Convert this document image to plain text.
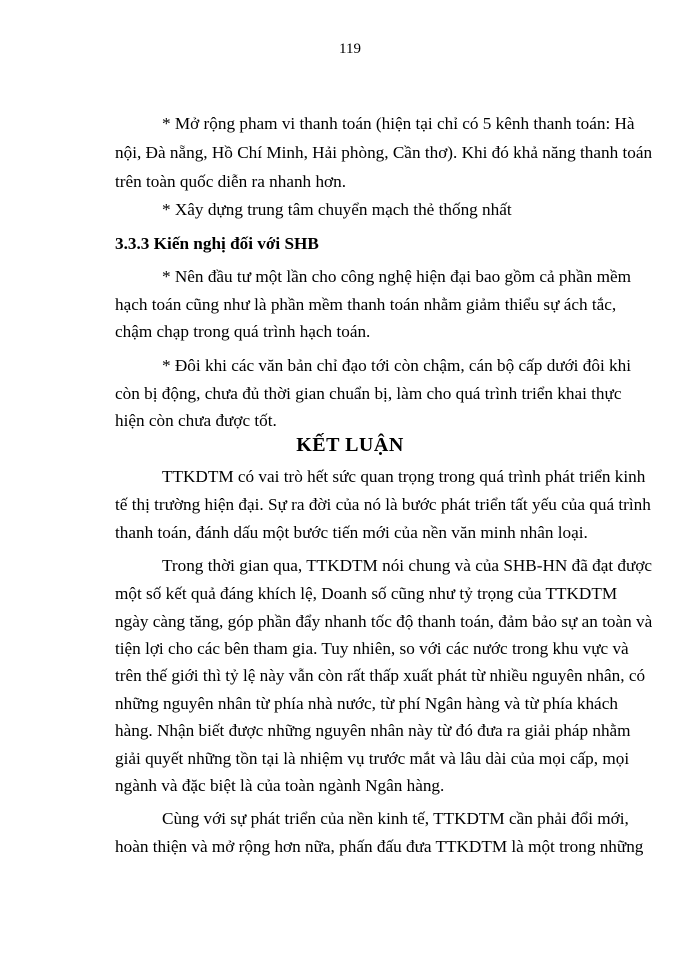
119
* Mở rộng pham vi thanh toán (hiện tại chỉ có 5 kênh thanh toán: Hà
nội, Đà nẵng, Hồ Chí Minh, Hải phòng, Cần thơ). Khi đó khả năng thanh toán
trên toàn quốc diễn ra nhanh hơn.
* Xây dựng trung tâm chuyển mạch thẻ thống nhất
3.3.3 Kiến nghị đối với SHB
* Nên đầu tư một lần cho công nghệ hiện đại bao gồm cả phần mềm
hạch toán cũng như là phần mềm thanh toán nhằm giảm thiểu sự ách tắc,
chậm chạp trong quá trình hạch toán.
* Đôi khi các văn bản chỉ đạo tới còn chậm, cán bộ cấp dưới đôi khi
còn bị động, chưa đủ thời gian chuẩn bị, làm cho quá trình triển khai thực
hiện còn chưa được tốt.
KẾT LUẬN
TTKDTM có vai trò hết sức quan trọng trong quá trình phát triển kinh
tế thị trường hiện đại. Sự ra đời của nó là bước phát triển tất yếu của quá trình
thanh toán, đánh dấu một bước tiến mới của nền văn minh nhân loại.
Trong thời gian qua, TTKDTM nói chung và của SHB-HN đã đạt được
một số kết quả đáng khích lệ, Doanh số cũng như tỷ trọng của TTKDTM
ngày càng tăng, góp phần đẩy nhanh tốc độ thanh toán, đảm bảo sự an toàn và
tiện lợi cho các bên tham gia. Tuy nhiên, so với các nước trong khu vực và
trên thế giới thì tỷ lệ này vẫn còn rất thấp xuất phát từ nhiều nguyên nhân, có
những nguyên nhân từ phía nhà nước, từ phí Ngân hàng và từ phía khách
hàng. Nhận biết được những nguyên nhân này từ đó đưa ra giải pháp nhằm
giải quyết những tồn tại là nhiệm vụ trước mắt và lâu dài của mọi cấp, mọi
ngành và đặc biệt là của toàn ngành Ngân hàng.
Cùng với sự phát triển của nền kinh tế, TTKDTM cần phải đổi mới,
hoàn thiện và mở rộng hơn nữa, phấn đấu đưa TTKDTM là một trong những
